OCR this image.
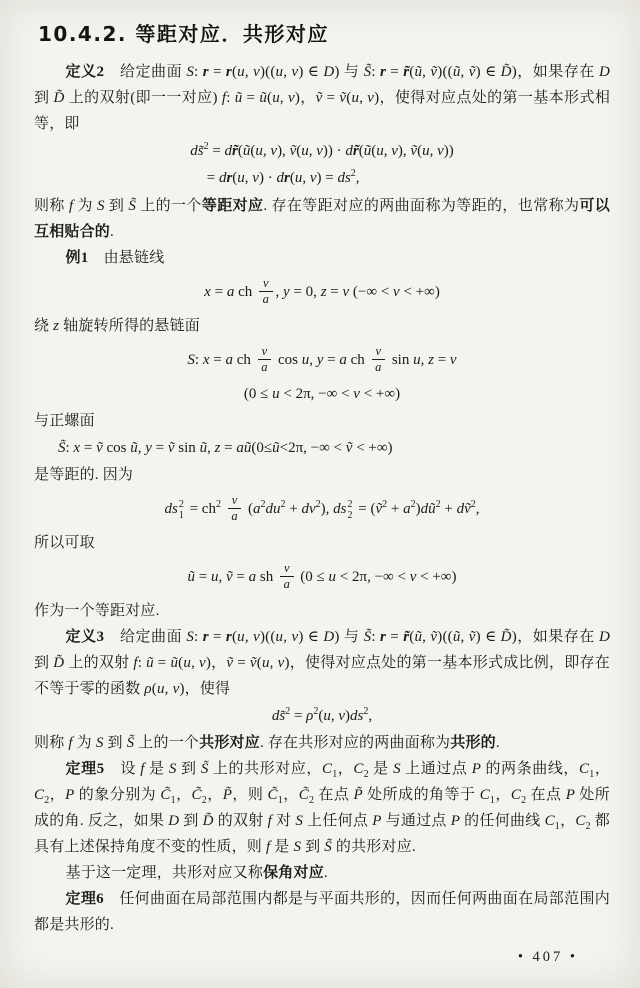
10.4.2. 等距对应．共形对应

定义2　给定曲面 S: r = r(u, v)((u, v) ∈ D) 与 S̃: r = r̃(ũ, ṽ)((ũ, ṽ) ∈ D̃)，如果存在 D 到 D̃ 上的双射(即一一对应) f: ũ = ũ(u, v)，ṽ = ṽ(u, v)，使得对应点处的第一基本形式相等，即

ds̃$^2$ = dr̃(ũ(u, v), ṽ(u, v)) · dr̃(ũ(u, v), ṽ(u, v))
= dr(u, v) · dr(u, $v) = ds^2$,

则称 f 为 S 到 S̃ 上的一个等距对应. 存在等距对应的两曲面称为等距的，也常称为可以互相贴合的.

例1　由悬链线

x = a ch $\frac{v}{a}$ , y = 0, z = v (−∞ < v < +∞)

绕 z 轴旋转所得的悬链面

S: x = a ch $\frac{v}{a}$ cos u, y = a ch $\frac{v}{a}$ sin u, z = v
(0 ≤ u < 2π, −∞ < v < +∞)

与正螺面

S̃: x = ṽ cos ũ, y = ṽ sin ũ, z = aũ(0≤ũ<2π, −∞ < ṽ < +∞)

是等距的. 因为

ds 2
$1 = ch^2 \frac{v}{a} (a^2du^2 + dv^2)$, ds 2
2 = (ṽ$^2$ + $a^2)dũ^2$ + dṽ$^2$,

所以可取

ũ = u, ṽ = a sh $\frac{v}{a} (0 \le u < 2\pi$, −∞ < v < +∞)

作为一个等距对应.

定义3　给定曲面 S: r = r(u, v)((u, v) ∈ D) 与 S̃: r = r̃(ũ, ṽ)((ũ, ṽ) ∈ D̃)，如果存在 D 到 D̃ 上的双射 f: ũ = ũ(u, v)，ṽ = ṽ(u, v)，使得对应点处的第一基本形式成比例，即存在不等于零的函数 ρ(u, v)，使得

ds̃$^2$ = $\rho^2(u$, $v)ds^2$,

则称 f 为 S 到 S̃ 上的一个共形对应. 存在共形对应的两曲面称为共形的.

定理5　设 f 是 S 到 S̃ 上的共形对应，$C_1$，$C_2$ 是 S 上通过点 P 的两条曲线，$C_1$，$C_2$，P 的象分别为 $C̃_1$，$C̃_2$，P̃，则 $C̃_1$，$C̃_2$ 在点 P̃ 处所成的角等于 $C_1$，$C_2$ 在点 P 处所成的角. 反之，如果 D 到 D̃ 的双射 f 对 S 上任何点 P 与通过点 P 的任何曲线 $C_1$，$C_2$ 都具有上述保持角度不变的性质，则 f 是 S 到 S̃ 的共形对应.

基于这一定理，共形对应又称保角对应.

定理6　任何曲面在局部范围内都是与平面共形的，因而任何两曲面在局部范围内都是共形的.

• 407 •
